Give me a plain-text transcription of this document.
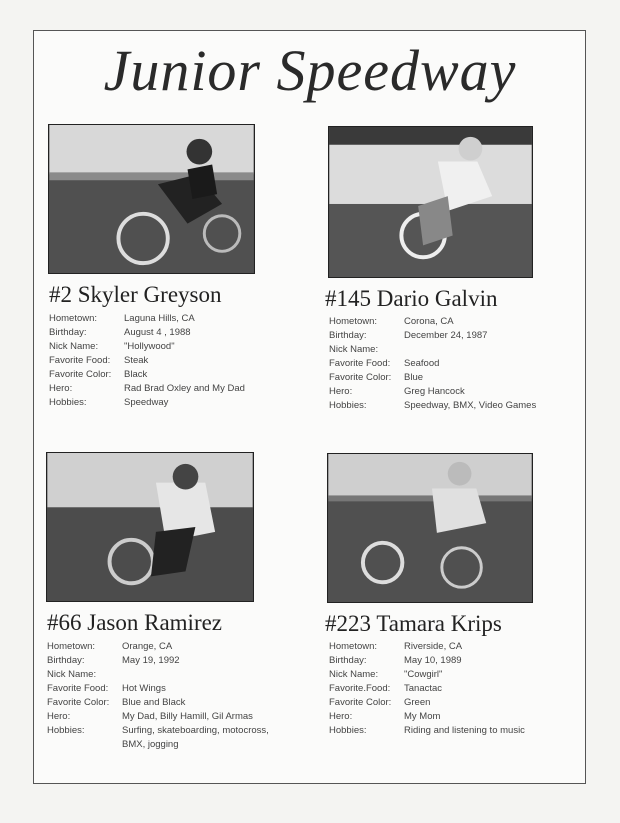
Junior Speedway
#2 Skyler Greyson
Hometown:	Laguna Hills, CA
Birthday:	August 4 , 1988
Nick Name:	"Hollywood"
Favorite Food:	Steak
Favorite Color:	Black
Hero:	Rad Brad Oxley and My Dad
Hobbies:	Speedway
#145 Dario Galvin
Hometown:	Corona, CA
Birthday:	December 24, 1987
Nick Name:
Favorite Food:	Seafood
Favorite Color:	Blue
Hero:	Greg Hancock
Hobbies:	Speedway, BMX, Video Games
#66 Jason Ramirez
Hometown:	Orange, CA
Birthday:	May 19, 1992
Nick Name:
Favorite Food:	Hot Wings
Favorite Color:	Blue and Black
Hero:	My Dad, Billy Hamill, Gil Armas
Hobbies:	Surfing, skateboarding, motocross, BMX, jogging
#223 Tamara Krips
Hometown:	Riverside, CA
Birthday:	May 10, 1989
Nick Name:	"Cowgirl"
Favorite.Food:	Tanactac
Favorite Color:	Green
Hero:	My Mom
Hobbies:	Riding and listening to music
